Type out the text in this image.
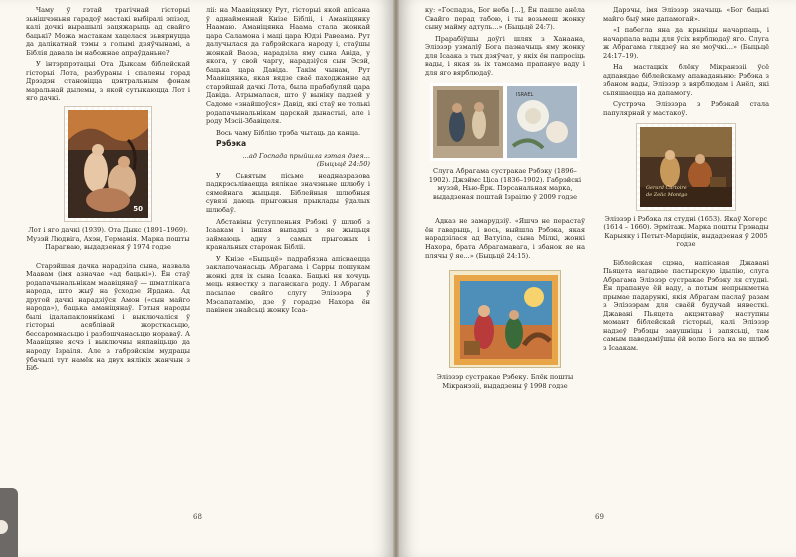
Чаму ў гэтай трагічнай гісторыі зьнішчэньня гарадоў мастакі выбіралі эпізод, калі дочкі вырашылі зацяжарыць ад свайго бацькі? Можа мастакам хацелася зьвярнуцца да далікатнай тэмы з голымі дзяўчынамі, а Біблія давала ім набожнае апраўданьне?

У інтэрпрэтацыі Ота Дыксам біблейскай гісторыі Лота, разбураны і спалены горад Дрэздэн становіцца цэнтральным фонам маральнай дылемы, з якой сутыкаюцца Лот і яго дачкі.

50
Лот і яго дачкі (1939). Ота Дыкс (1891–1969). Музэй Людвіга, Ахэн, Германія. Марка пошты Парагваю, выдадзеная ў 1974 годзе

Старэйшая дачка нарадзіла сына, назвала Маавам (імя азначае «ад бацькі»). Ён стаў родапачынальнікам маавіцянаў — шматлікага народа, што жыў на ўсходзе Ярдана. Ад другой дачкі нарадзіўся Амон («сын майго народа»), бацька аманіцянаў. Гэтыя народы былі ідалапаклоннікамі і выключаліся ў гісторыі асяблівай жорсткасьцю, бессаромнасьцю і разбэшчанасьцю нораваў. А Маавіцяне ясчэ і выключны няпавіцьцю да народу Ізраіля. Але з габрэйскім мудрацы ўбачылі тут намёк на двух вялікіх жанчын з Біб-

ліі: на Маавіцянку Рут, гісторыі якой апісана ў аднайменнай Кнізе Бібліі, і Аманіцянку Наамаю. Аманіцянка Наама стала жонкай цара Саламона і маці цара Юдзі Равеама. Рут далучылася да габрэйскага народу і, стаўшы жонкай Ваоза, нарадзіла яму сына Авіда, у якога, у свой чаргу, нарадзіўся сын Эсэй, бацька цара Давіда. Такім чынам, Рут Маавіцянка, якая вядзе сваё паходжанне ад старэйшай дачкі Лота, была прабабуляй цара Давіда. Атрымалася, што ў выніку падзей у Садоме «знайшоўся» Давід, які стаў не толькі родапачынальнікам царскай дынастыі, але і роду Мэсіі-Збавіцеля.

Вось чаму Біблію трэба чытаць да канца.

Рэбэка

...ад Госпада прыйшла гэтая дзея... (Быцьцё 24:50)

У Сьвятым пісьме неадназразова падкрэсьліваецца вялікае значэньне шлюбу і сямейнага жыцьця. Біблейныя шлюбныя сувязі даюць прыгожыя прыклады ўдалых шлюбаў.

Абставіны ўступленьня Рэбэкі ў шлюб з Ісаакам і іншая выпадкі з яе жыцьця займаюць адну з самых прыгожых і кранальных старонак Бібліі.

У Кнізе «Быцьцё» падрабязна апісваецца заклапочанасьць Абрагама і Сарры пошукам жонкі для іх сына Ісаака. Бацькі ня хочуць мець нявестку з паганскага роду. І Абрагам пасылае свайго слугу Эліэзэра ў Мэсапатамію, дзе ў горадзе Нахора ён павінен знайсьці жонку Ісаа-

68

ку: «Госпадзь, Бог неба [...], Ён пашле анёла Свайго перад табою, і ты возьмеш жонку сыну майму адтуль...» (Быцьцё 24:7).

Прарабіўшы доўгі шлях з Ханаана, Эліэзэр узмаліў Бога паэначыць яму жонку для Ісаака з тых дзяўчат, у якіх ён папросіць вады, і якая зь іх тамсама прапануе ваду і для яго вярблюдаў.

ISRAEL
Слуга Абрагама сустракае Рэбэку (1896–1902). Джэймс Ціса (1836–1902). Габрэйскі музэй, Нью-Ёрк. Пэрсанальная марка, выдадзеная поштай Ізраілю ў 2009 годзе

Адказ не замарудзіў. «Яшчэ не перастаў ён гаварыць, і вось, выйшла Рэбэка, якая нарадзілася ад Ватуіла, сына Мілкі, жонкі Нахора, брата Абрагамавага, і збанок яе на плячы ў яе...» (Быцьцё 24:15).

Эліэзэр сустракае Рэбеку. Блёк пошты Мікранэзіі, выдадзены ў 1998 годзе

Дарэчы, імя Эліэзэр значыць «Бог бацькі майго быў мне дапамогай».

«І пабегла яна да крыніцы начарпаць, і начарпала вады для ўсіх вярблюдаў яго. Слуга ж Абрагама глядзеў на яе моўчкі...» (Быцьцё 24:17–19).

На мастацкіх блёку Мікранэзіі ўсё адпавядае біблейскаму апаваданьню: Рэбэка з збаном вады, Эліэзэр з вярблюдам і Анёл, які сьпяшаецца на дапамогу.

Сустрэча Эліэзэра з Рэбэкай стала папулярнай у мастакоў.

Gerard Cartoire
de Zelic Montgo
Эліэзэр і Рэбэка ля студні (1653). Якаў Хогерс (1614 – 1660). Эрмітаж. Марка пошты Грэнады Карыяку і Петыт-Марцінік, выдадзеная ў 2005 годзе

Біблейская сцэна, напісаная Джавані Пьяцета нагадвае пастырскую ідылію, слуга Абрагама Эліэзэр сустракае Рэбэку ля студні. Ён прапануе ёй ваду, а потым непрыкметна прымае падарункі, якія Абрагам паслаў разам з Эліэзэрам для сваёй будучай нявесткі. Джавані Пьяцета акцэнтаваў наступны момант біблейскай гісторыі, калі Эліэзэр надзеў Рэбэцы завушніцы і запясьці, там самым паведаміўшы ёй волю Бога на яе шлюб з Ісаакам.

69
